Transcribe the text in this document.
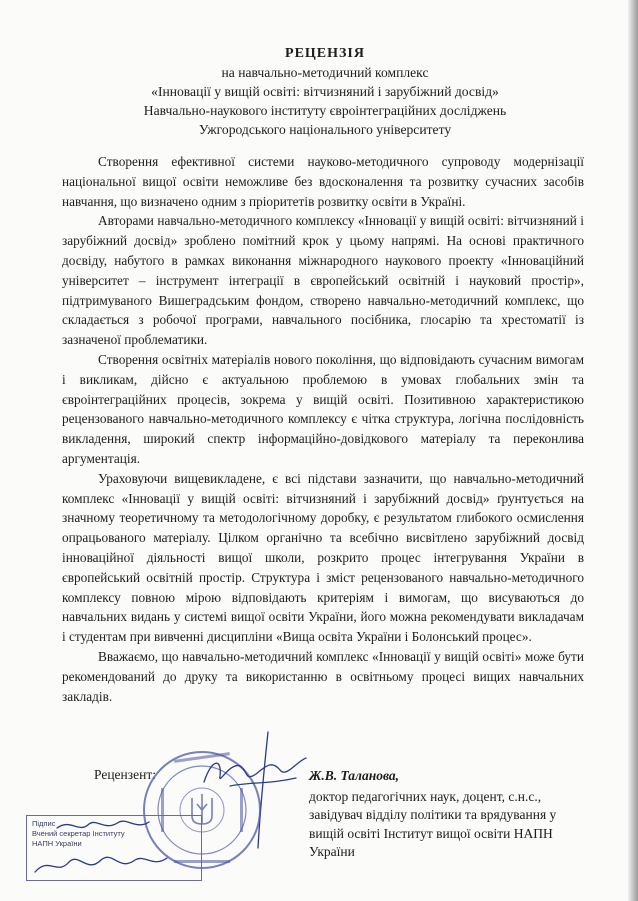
РЕЦЕНЗІЯ
на навчально-методичний комплекс
«Інновації у вищій освіті: вітчизняний і зарубіжний досвід»
Навчально-наукового інституту євроінтеграційних досліджень
Ужгородського національного університету

Створення ефективної системи науково-методичного супроводу модернізації національної вищої освіти неможливе без вдосконалення та розвитку сучасних засобів навчання, що визначено одним з пріоритетів розвитку освіти в Україні.

Авторами навчально-методичного комплексу «Інновації у вищій освіті: вітчизняний і зарубіжний досвід» зроблено помітний крок у цьому напрямі. На основі практичного досвіду, набутого в рамках виконання міжнародного наукового проекту «Інноваційний університет – інструмент інтеграції в європейський освітній і науковий простір», підтримуваного Вишеградським фондом, створено навчально-методичний комплекс, що складається з робочої програми, навчального посібника, глосарію та хрестоматії із зазначеної проблематики.

Створення освітніх матеріалів нового покоління, що відповідають сучасним вимогам і викликам, дійсно є актуальною проблемою в умовах глобальних змін та євроінтеграційних процесів, зокрема у вищій освіті. Позитивною характеристикою рецензованого навчально-методичного комплексу є чітка структура, логічна послідовність викладення, широкий спектр інформаційно-довідкового матеріалу та переконлива аргументація.

Ураховуючи вищевикладене, є всі підстави зазначити, що навчально-методичний комплекс «Інновації у вищій освіті: вітчизняний і зарубіжний досвід» ґрунтується на значному теоретичному та методологічному доробку, є результатом глибокого осмислення опрацьованого матеріалу. Цілком органічно та всебічно висвітлено зарубіжний досвід інноваційної діяльності вищої школи, розкрито процес інтегрування України в європейський освітній простір. Структура і зміст рецензованого навчально-методичного комплексу повною мірою відповідають критеріям і вимогам, що висуваються до навчальних видань у системі вищої освіти України, його можна рекомендувати викладачам і студентам при вивченні дисципліни «Вища освіта України і Болонський процес».

Вважаємо, що навчально-методичний комплекс «Інновації у вищій освіті» може бути рекомендований до друку та використанню в освітньому процесі вищих навчальних закладів.

Рецензент:	Ж.В. Таланова,
доктор педагогічних наук, доцент, с.н.с., завідувач відділу політики та врядування у вищій освіті Інститут вищої освіти НАПН України
Підпис
Вчений секретар Інституту
НАПН України
